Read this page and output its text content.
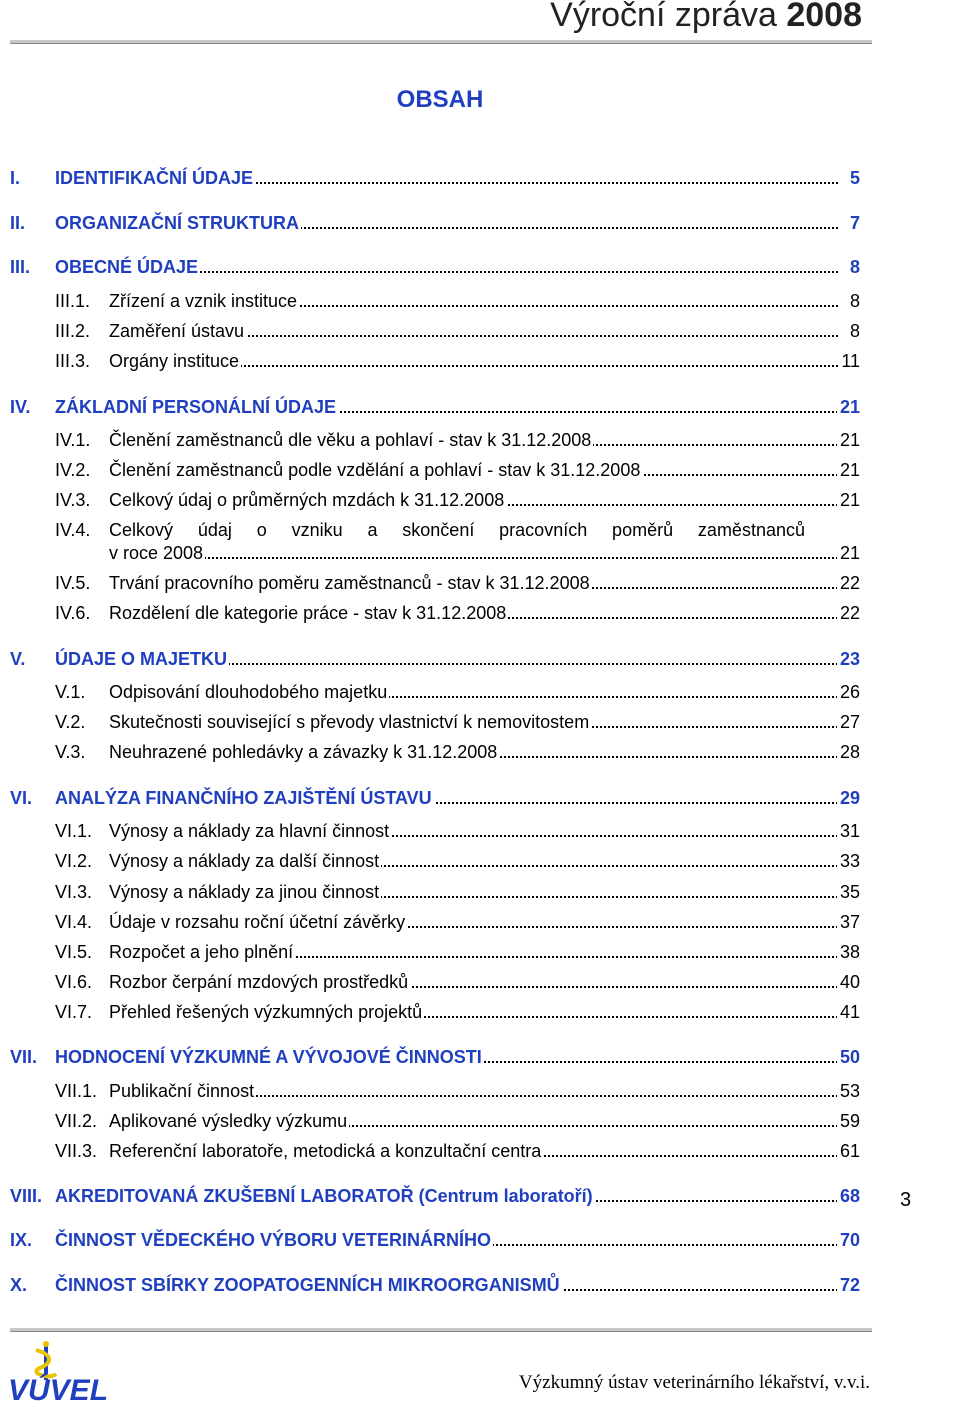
Výroční zpráva 2008
OBSAH
I. IDENTIFIKAČNÍ ÚDAJE	5
II. ORGANIZAČNÍ STRUKTURA	7
III. OBECNÉ ÚDAJE	8
III.1. Zřízení a vznik instituce	8
III.2. Zaměření ústavu	8
III.3. Orgány instituce	11
IV. ZÁKLADNÍ PERSONÁLNÍ ÚDAJE	21
IV.1. Členění zaměstnanců dle věku a pohlaví - stav k 31.12.2008	21
IV.2. Členění zaměstnanců podle vzdělání a pohlaví - stav k 31.12.2008	21
IV.3. Celkový údaj o průměrných mzdách k 31.12.2008	21
IV.4. Celkový údaj o vzniku a skončení pracovních poměrů zaměstnanců
v roce 2008	21
IV.5. Trvání pracovního poměru zaměstnanců - stav k 31.12.2008	22
IV.6. Rozdělení dle kategorie práce - stav k 31.12.2008	22
V. ÚDAJE O MAJETKU	23
V.1. Odpisování dlouhodobého majetku	26
V.2. Skutečnosti související s převody vlastnictví k nemovitostem	27
V.3. Neuhrazené pohledávky a závazky k 31.12.2008	28
VI. ANALÝZA FINANČNÍHO ZAJIŠTĚNÍ ÚSTAVU	29
VI.1. Výnosy a náklady za hlavní činnost	31
VI.2. Výnosy a náklady za další činnost	33
VI.3. Výnosy a náklady za jinou činnost	35
VI.4. Údaje v rozsahu roční účetní závěrky	37
VI.5. Rozpočet a jeho plnění	38
VI.6. Rozbor čerpání mzdových prostředků	40
VI.7. Přehled řešených výzkumných projektů	41
VII. HODNOCENÍ VÝZKUMNÉ A VÝVOJOVÉ ČINNOSTI	50
VII.1. Publikační činnost	53
VII.2. Aplikované výsledky výzkumu	59
VII.3. Referenční laboratoře, metodická a konzultační centra	61
VIII. AKREDITOVANÁ ZKUŠEBNÍ LABORATOŘ (Centrum laboratoří)	68
IX. ČINNOST VĚDECKÉHO VÝBORU VETERINÁRNÍHO	70
X. ČINNOST SBÍRKY ZOOPATOGENNÍCH MIKROORGANISMŮ	72
3
VÚVEL	Výzkumný ústav veterinárního lékařství, v.v.i.
